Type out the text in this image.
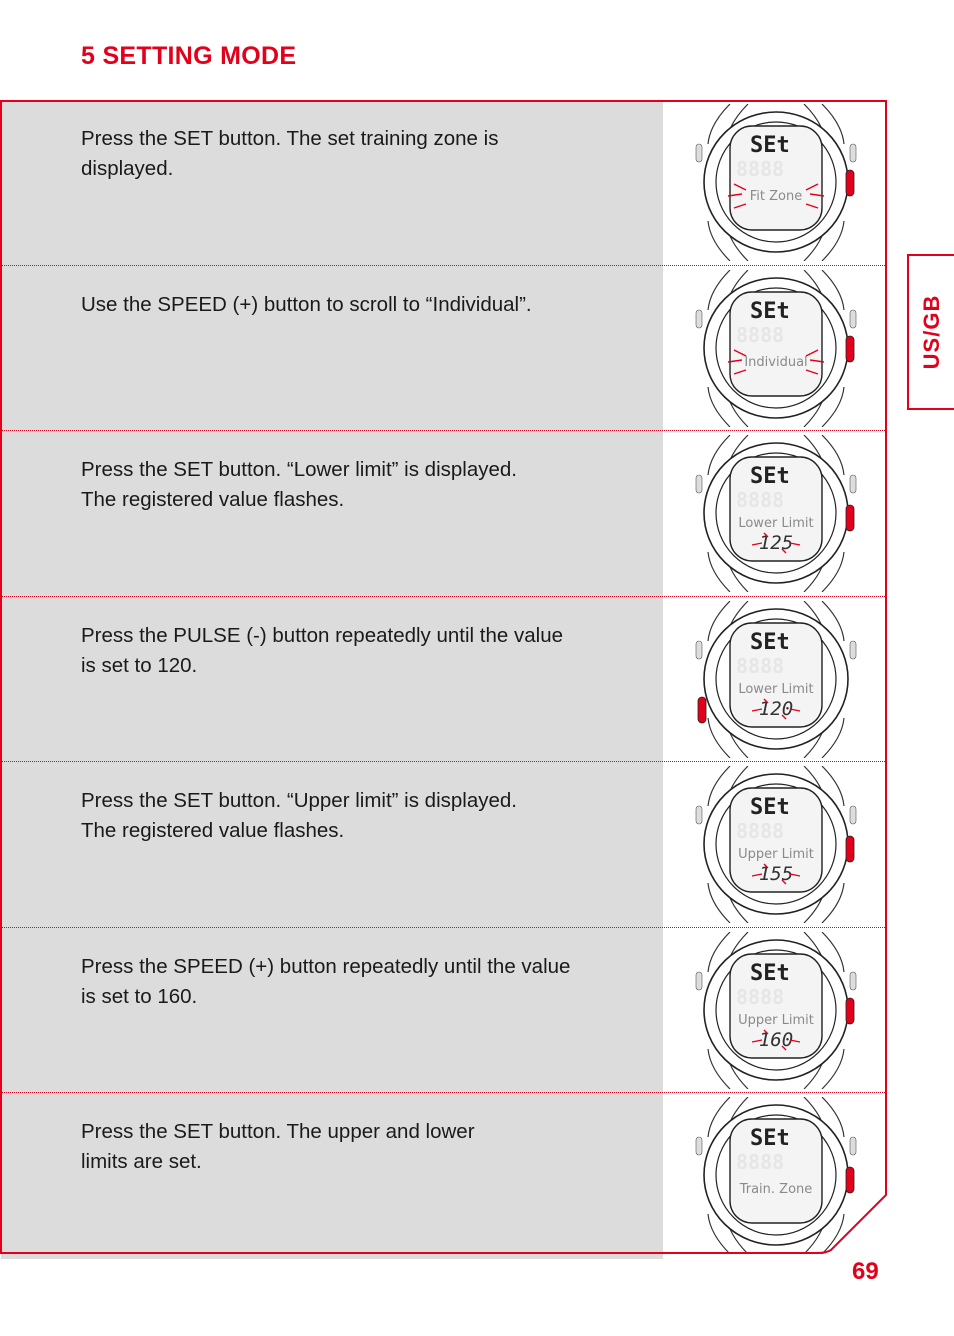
5 SETTING MODE

Press the SET button. The set training zone is
displayed.

SEt
8888
Fit Zone

Use the SPEED (+) button to scroll to “Individual”.	SEt
8888
Individual

Press the SET button. “Lower limit” is displayed.
The registered value flashes.

SEt
8888
Lower Limit
125

Press the PULSE (-) button repeatedly until the value
is set to 120.

SEt
8888
Lower Limit
120

Press the SET button. “Upper limit” is displayed.
The registered value flashes.

SEt
8888
Upper Limit
155

Press the SPEED (+) button repeatedly until the value
is set to 160.

SEt
8888
Upper Limit
160

Press the SET button. The upper and lower
limits are set.

SEt
8888
Train. Zone
US/GB
69
